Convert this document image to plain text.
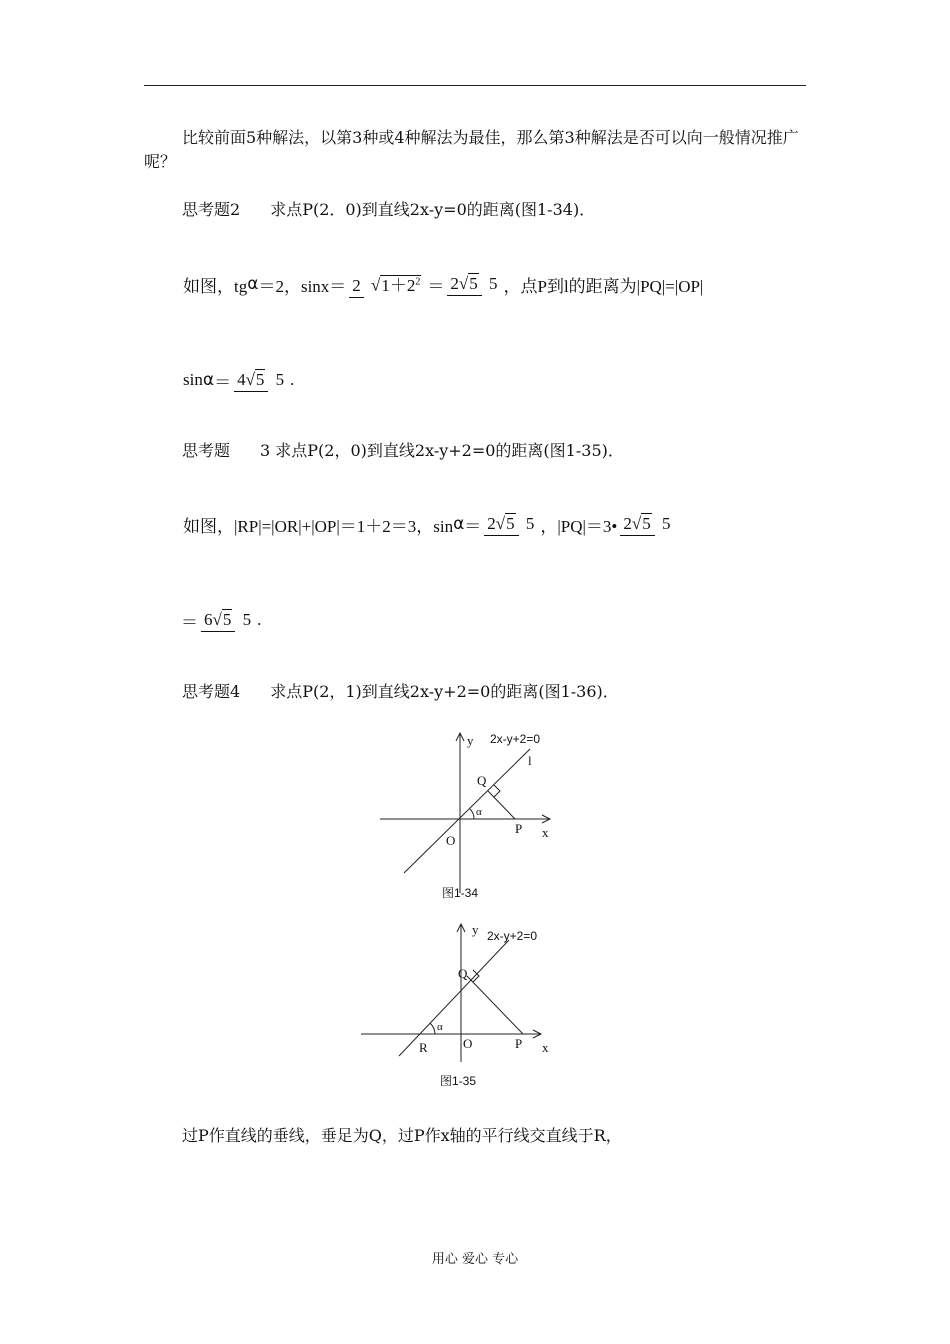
比较前面5种解法，以第3种或4种解法为最佳，那么第3种解法是否可以向一般情况推广呢？
思考题2 求点P(2．0)到直线2x-y=0的距离(图1-34)．
如图，tg α ＝2，sinx＝ 2 $√1+2^2 = 2√5$ 5 ，点P到l的距离为|PQ|=|OP|
sin α ＝ 4√5 5 .
思考题 3 求点P(2，0)到直线2x-y+2=0的距离(图1-35)．
如图，|RP|=|OR|+|OP|＝1＋2＝3，sin α ＝ 2√5 5 ，|PQ|＝3• 2√5 5
＝ 6√5 5 .
思考题4 求点P(2，1)到直线2x-y+2=0的距离(图1-36)．
y 2x-y+2=0
l
Q
α
P x
O
图1-34
y 2x-y+2=0
Q
α
R	O	P x
图1-35
过P作直线的垂线，垂足为Q，过P作x轴的平行线交直线于R，
用心 爱心 专心
